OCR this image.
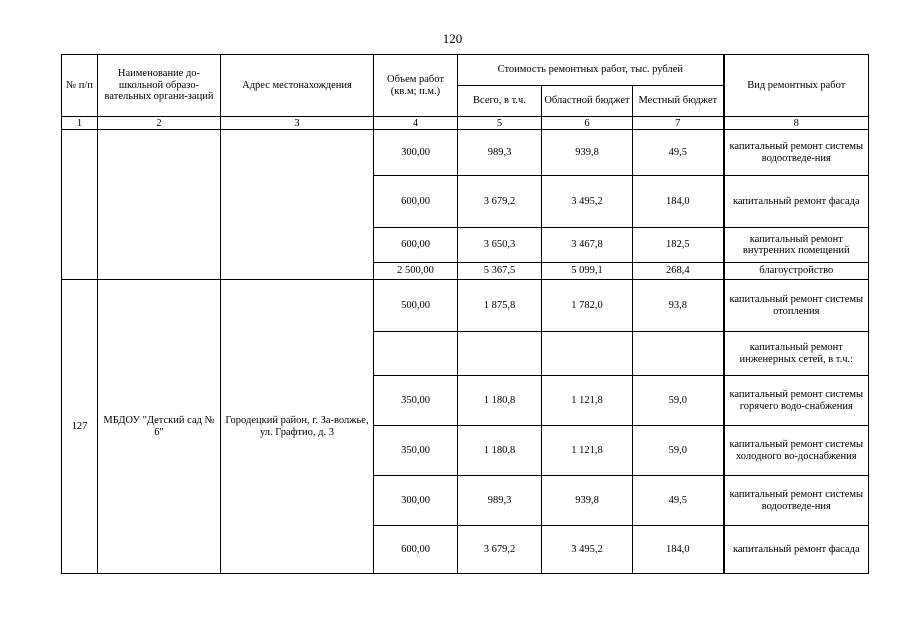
120
№ п/п	Наименование до-школьной образо-вательных органи-заций	Адрес местонахождения	Объем работ (кв.м; п.м.)	Стоимость ремонтных работ, тыс. рублей			Вид ремонтных работ
				Всего, в т.ч.	Областной бюджет	Местный бюджет	
1	2	3	4	5	6	7	8
			300,00	989,3	939,8	49,5	капитальный ремонт системы водоотведе-ния
			600,00	3 679,2	3 495,2	184,0	капитальный ремонт фасада
			600,00	3 650,3	3 467,8	182,5	капитальный ремонт внутренних помещений
			2 500,00	5 367,5	5 099,1	268,4	благоустройство
127	МБДОУ "Детский сад № 6"	Городецкий район, г. За-волжье, ул. Графтио, д. 3	500,00	1 875,8	1 782,0	93,8	капитальный ремонт системы отопления
							капитальный ремонт инженерных сетей, в т.ч.:
			350,00	1 180,8	1 121,8	59,0	капитальный ремонт системы горячего водо-снабжения
			350,00	1 180,8	1 121,8	59,0	капитальный ремонт системы холодного во-доснабжения
			300,00	989,3	939,8	49,5	капитальный ремонт системы водоотведе-ния
			600,00	3 679,2	3 495,2	184,0	капитальный ремонт фасада
